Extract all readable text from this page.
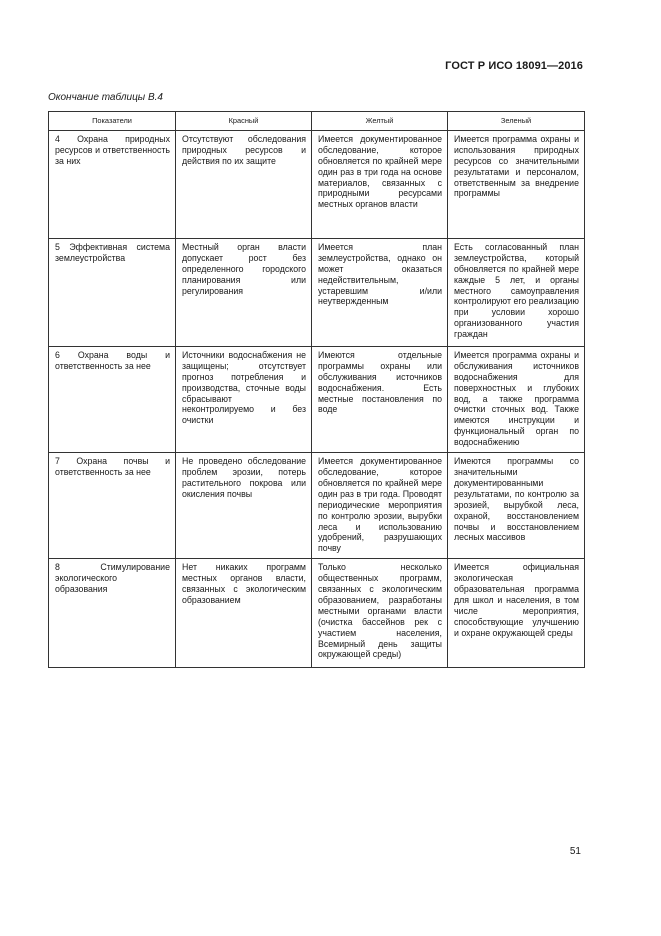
ГОСТ Р ИСО 18091—2016
Окончание таблицы В.4
Показатели	Красный	Желтый	Зеленый
4 Охрана природных ресурсов и ответственность за них	Отсутствуют обследования природных ресурсов и действия по их защите	Имеется документированное обследование, которое обновляется по крайней мере один раз в три года на основе материалов, связанных с природными ресурсами местных органов власти	Имеется программа охраны и использования природных ресурсов со значительными результатами и персоналом, ответственным за внедрение программы
5 Эффективная система землеустройства	Местный орган власти допускает рост без определенного городского планирования или регулирования	Имеется план землеустройства, однако он может оказаться недействительным, устаревшим и/или неутвержденным	Есть согласованный план землеустройства, который обновляется по крайней мере каждые 5 лет, и органы местного самоуправления контролируют его реализацию при условии хорошо организованного участия граждан
6 Охрана воды и ответственность за нее	Источники водоснабжения не защищены; отсутствует прогноз потребления и производства, сточные воды сбрасывают неконтролируемо и без очистки	Имеются отдельные программы охраны или обслуживания источников водоснабжения. Есть местные постановления по воде	Имеется программа охраны и обслуживания источников водоснабжения для поверхностных и глубоких вод, а также программа очистки сточных вод. Также имеются инструкции и функциональный орган по водоснабжению
7 Охрана почвы и ответственность за нее	Не проведено обследование проблем эрозии, потерь растительного покрова или окисления почвы	Имеется документированное обследование, которое обновляется по крайней мере один раз в три года. Проводят периодические мероприятия по контролю эрозии, вырубки леса и использованию удобрений, разрушающих почву	Имеются программы со значительными документированными результатами, по контролю за эрозией, вырубкой леса, охраной, восстановлением почвы и восстановлением лесных массивов
8 Стимулирование экологического образования	Нет никаких программ местных органов власти, связанных с экологическим образованием	Только несколько общественных программ, связанных с экологическим образованием, разработаны местными органами власти (очистка бассейнов рек с участием населения, Всемирный день защиты окружающей среды)	Имеется официальная экологическая образовательная программа для школ и населения, в том числе мероприятия, способствующие улучшению и охране окружающей среды
51
